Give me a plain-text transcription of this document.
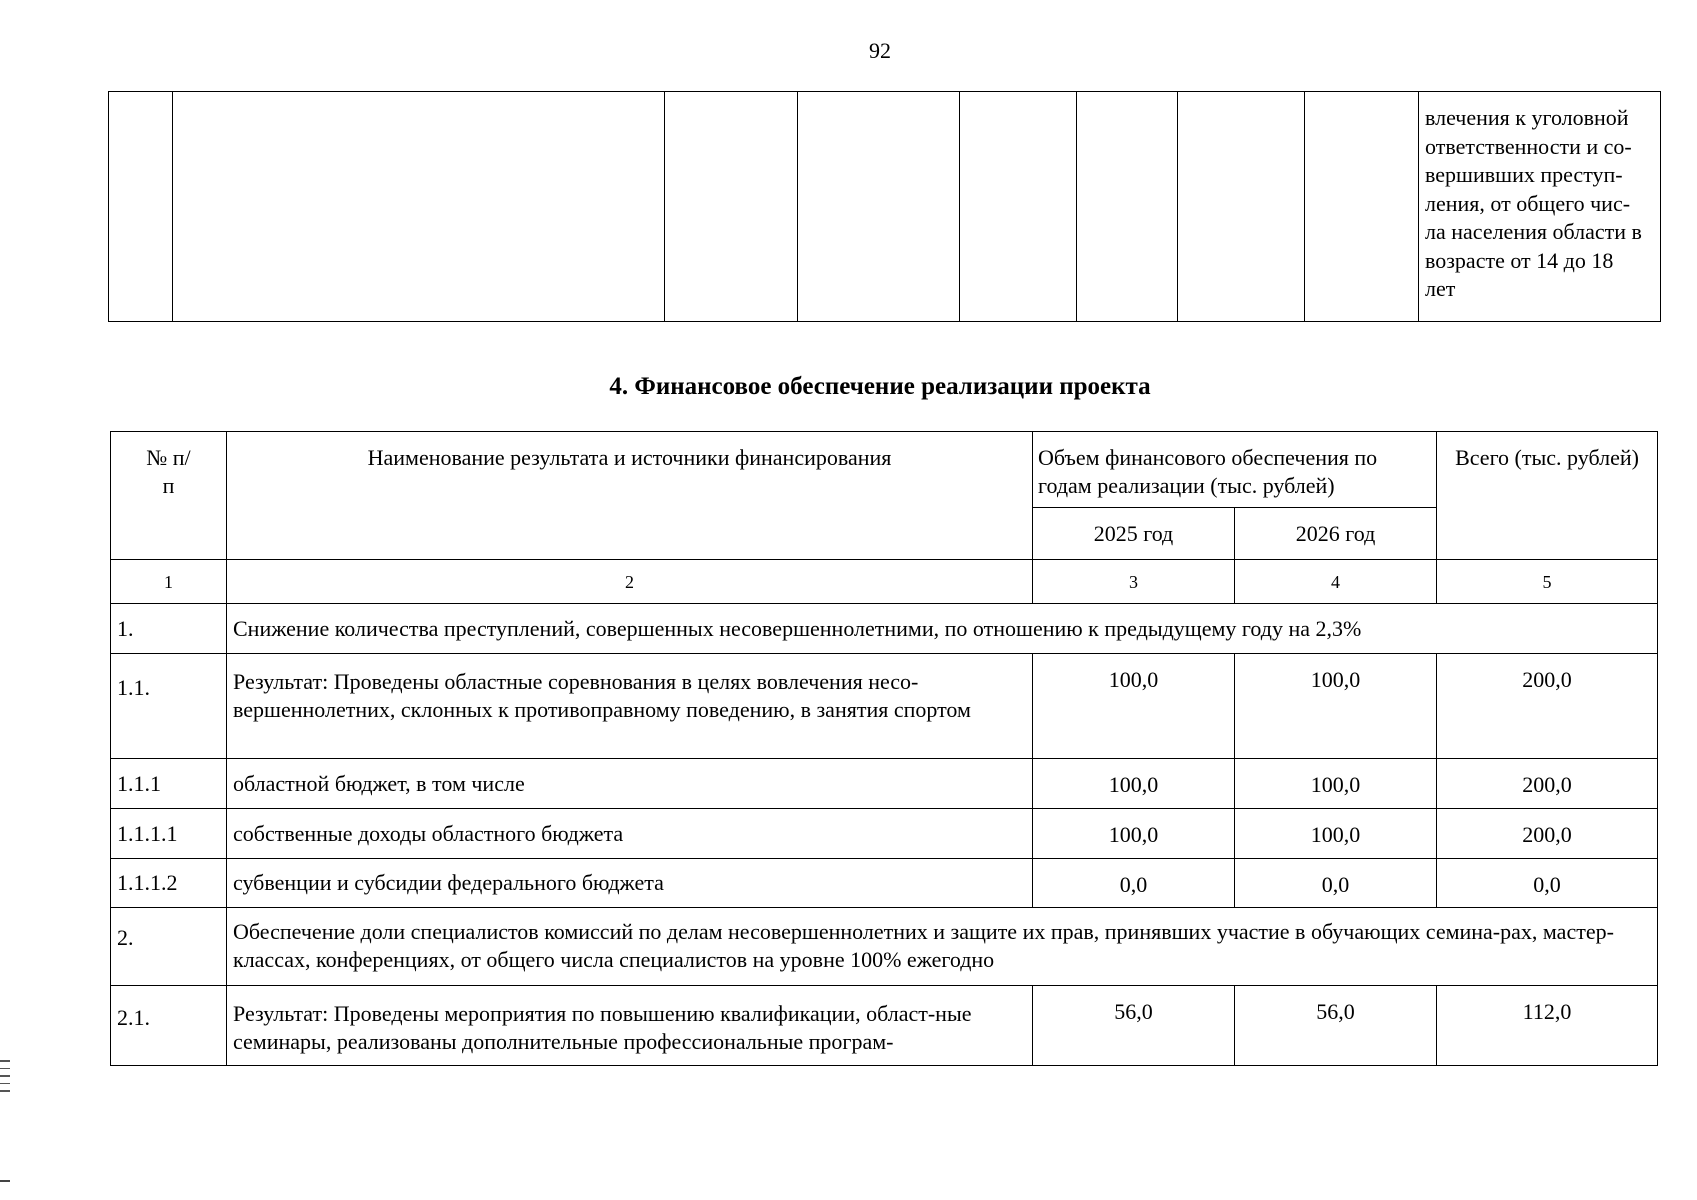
92

влечения к уголовной
ответственности и со-
вершивших преступ-
ления, от общего чис-
ла населения области в
возрасте от 14 до 18
лет
4. Финансовое обеспечение реализации проекта
№ п/п	Наименование результата и источники финансирования	Объем финансового обеспечения по годам реализации (тыс. рублей)		Всего (тыс. рублей)
		2025 год	2026 год	
1	2	3	4	5
1.	Снижение количества преступлений, совершенных несовершеннолетними, по отношению к предыдущему году на 2,3%			
1.1.	Результат: Проведены областные соревнования в целях вовлечения несо-вершеннолетних, склонных к противоправному поведению, в занятия спортом	100,0	100,0	200,0
1.1.1	областной бюджет, в том числе	100,0	100,0	200,0
1.1.1.1	собственные доходы областного бюджета	100,0	100,0	200,0
1.1.1.2	субвенции и субсидии федерального бюджета	0,0	0,0	0,0
2.	Обеспечение доли специалистов комиссий по делам несовершеннолетних и защите их прав, принявших участие в обучающих семина-рах, мастер-классах, конференциях, от общего числа специалистов на уровне 100% ежегодно			
2.1.	Результат: Проведены мероприятия по повышению квалификации, област-ные семинары, реализованы дополнительные профессиональные програм-	56,0	56,0	112,0
